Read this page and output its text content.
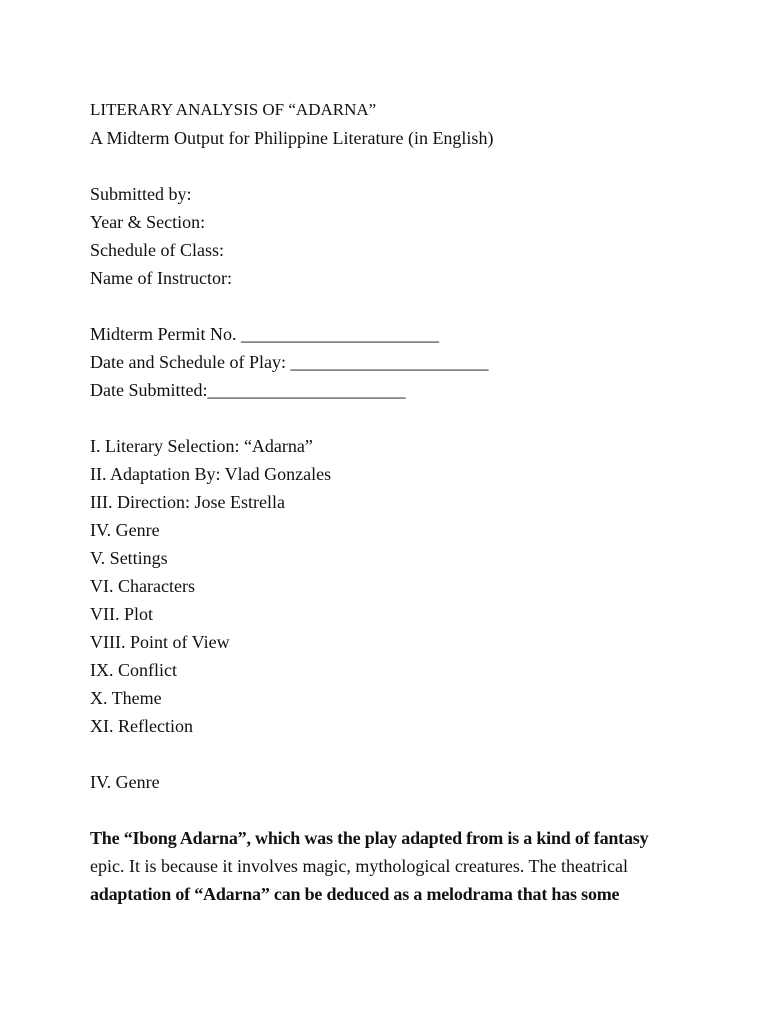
LITERARY ANALYSIS OF “ADARNA”
A Midterm Output for Philippine Literature (in English)
Submitted by:
Year & Section:
Schedule of Class:
Name of Instructor:
Midterm Permit No. ______________________
Date and Schedule of Play: ______________________
Date Submitted:______________________
I. Literary Selection: “Adarna”
II. Adaptation By: Vlad Gonzales
III. Direction: Jose Estrella
IV. Genre
V. Settings
VI. Characters
VII. Plot
VIII. Point of View
IX. Conflict
X. Theme
XI. Reflection
IV. Genre
The “Ibong Adarna”, which was the play adapted from is a kind of fantasy
epic. It is because it involves magic, mythological creatures. The theatrical
adaptation of “Adarna” can be deduced as a melodrama that has some
